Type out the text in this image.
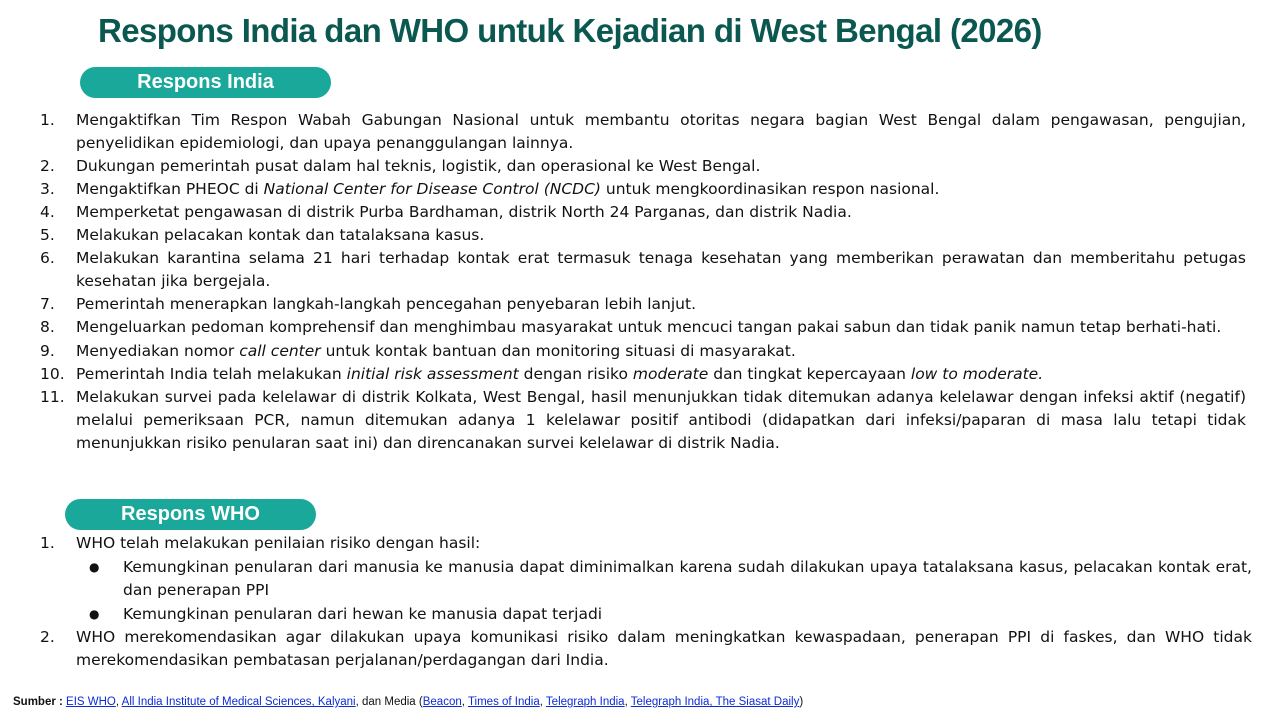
Respons India dan WHO untuk Kejadian di West Bengal (2026)
Respons India
1.	Mengaktifkan Tim Respon Wabah Gabungan Nasional untuk membantu otoritas negara bagian West Bengal dalam pengawasan, pengujian, penyelidikan epidemiologi, dan upaya penanggulangan lainnya.
2.	Dukungan pemerintah pusat dalam hal teknis, logistik, dan operasional ke West Bengal.
3.	Mengaktifkan PHEOC di National Center for Disease Control (NCDC) untuk mengkoordinasikan respon nasional.
4.	Memperketat pengawasan di distrik Purba Bardhaman, distrik North 24 Parganas, dan distrik Nadia.
5.	Melakukan pelacakan kontak dan tatalaksana kasus.
6.	Melakukan karantina selama 21 hari terhadap kontak erat termasuk tenaga kesehatan yang memberikan perawatan dan memberitahu petugas kesehatan jika bergejala.
7.	Pemerintah menerapkan langkah-langkah pencegahan penyebaran lebih lanjut.
8.	Mengeluarkan pedoman komprehensif dan menghimbau masyarakat untuk mencuci tangan pakai sabun dan tidak panik namun tetap berhati-hati.
9.	Menyediakan nomor call center untuk kontak bantuan dan monitoring situasi di masyarakat.
10. Pemerintah India telah melakukan initial risk assessment dengan risiko moderate dan tingkat kepercayaan low to moderate.
11. Melakukan survei pada kelelawar di distrik Kolkata, West Bengal, hasil menunjukkan tidak ditemukan adanya kelelawar dengan infeksi aktif (negatif) melalui pemeriksaan PCR, namun ditemukan adanya 1 kelelawar positif antibodi (didapatkan dari infeksi/paparan di masa lalu tetapi tidak menunjukkan risiko penularan saat ini) dan direncanakan survei kelelawar di distrik Nadia.
Respons WHO
1.	WHO telah melakukan penilaian risiko dengan hasil:
● Kemungkinan penularan dari manusia ke manusia dapat diminimalkan karena sudah dilakukan upaya tatalaksana kasus, pelacakan kontak erat, dan penerapan PPI
● Kemungkinan penularan dari hewan ke manusia dapat terjadi
2.	WHO merekomendasikan agar dilakukan upaya komunikasi risiko dalam meningkatkan kewaspadaan, penerapan PPI di faskes, dan WHO tidak merekomendasikan pembatasan perjalanan/perdagangan dari India.
Sumber : EIS WHO, All India Institute of Medical Sciences, Kalyani, dan Media (Beacon, Times of India, Telegraph India, Telegraph India, The Siasat Daily)
